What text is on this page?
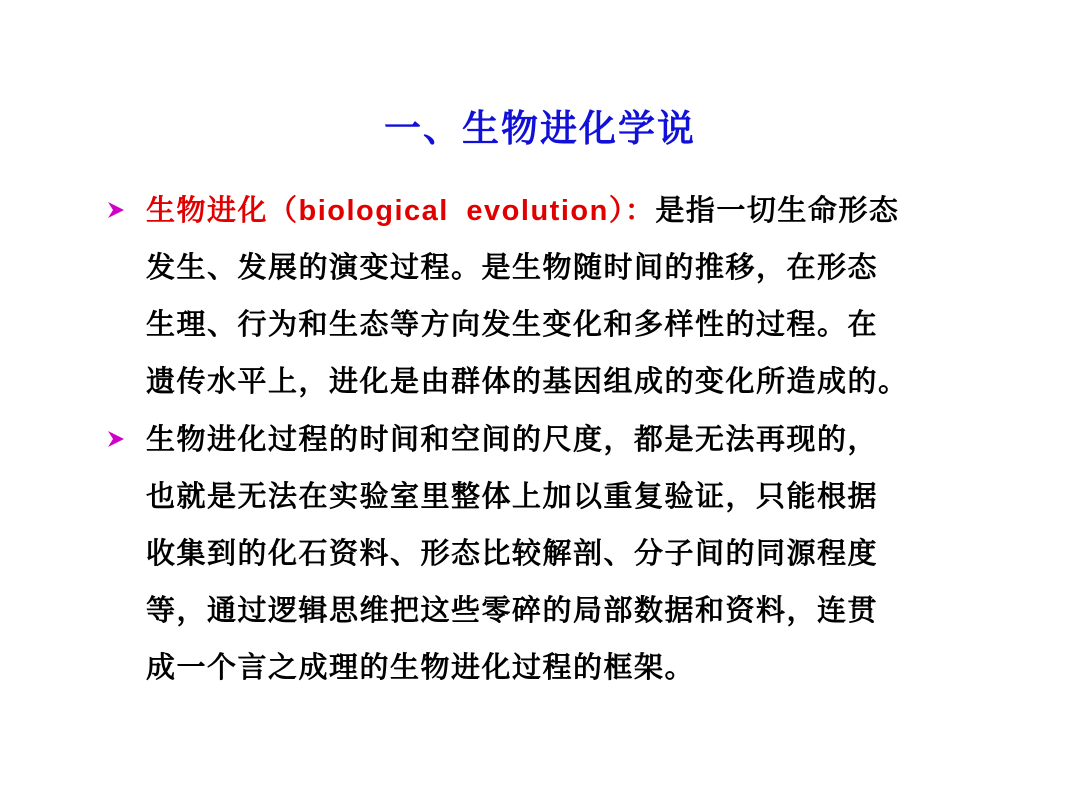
一、生物进化学说
生物进化（biological evolution）：是指一切生命形态
发生、发展的演变过程。是生物随时间的推移，在形态
生理、行为和生态等方向发生变化和多样性的过程。在
遗传水平上，进化是由群体的基因组成的变化所造成的。
生物进化过程的时间和空间的尺度，都是无法再现的，
也就是无法在实验室里整体上加以重复验证，只能根据
收集到的化石资料、形态比较解剖、分子间的同源程度
等，通过逻辑思维把这些零碎的局部数据和资料，连贯
成一个言之成理的生物进化过程的框架。
